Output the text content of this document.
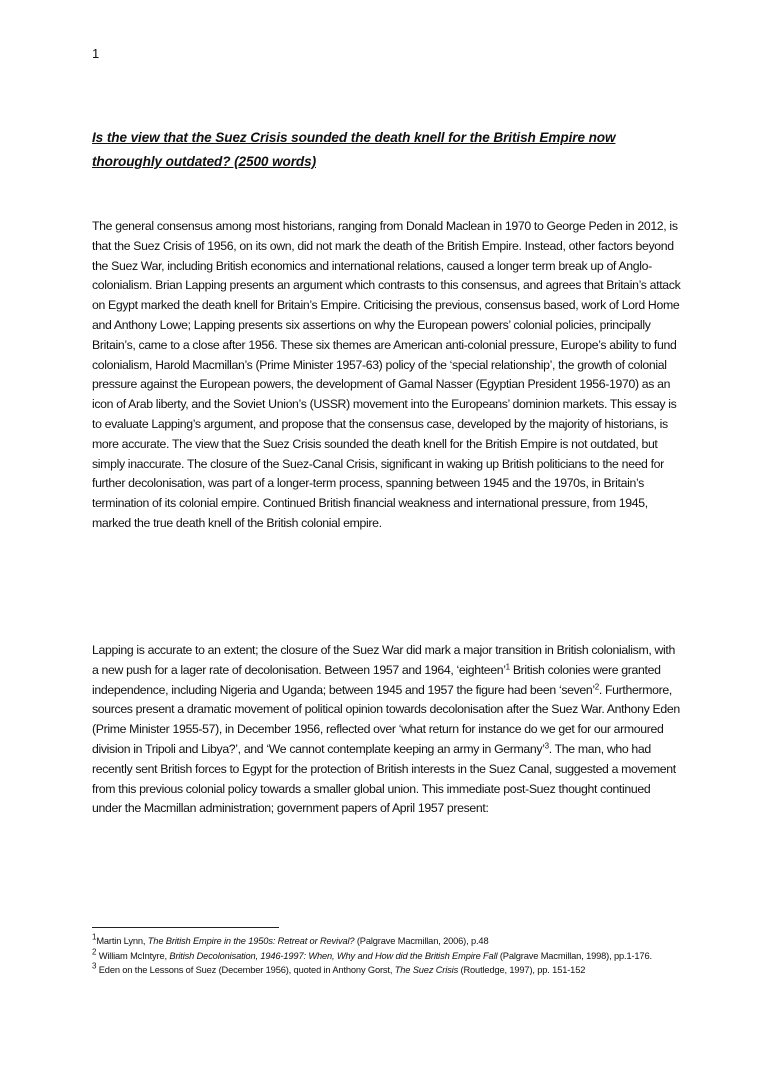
1
Is the view that the Suez Crisis sounded the death knell for the British Empire now thoroughly outdated? (2500 words)

The general consensus among most historians, ranging from Donald Maclean in 1970 to George Peden in 2012, is that the Suez Crisis of 1956, on its own, did not mark the death of the British Empire. Instead, other factors beyond the Suez War, including British economics and international relations, caused a longer term break up of Anglo-colonialism. Brian Lapping presents an argument which contrasts to this consensus, and agrees that Britain’s attack on Egypt marked the death knell for Britain’s Empire. Criticising the previous, consensus based, work of Lord Home and Anthony Lowe; Lapping presents six assertions on why the European powers’ colonial policies, principally Britain’s, came to a close after 1956. These six themes are American anti-colonial pressure, Europe’s ability to fund colonialism, Harold Macmillan’s (Prime Minister 1957-63) policy of the ‘special relationship’, the growth of colonial pressure against the European powers, the development of Gamal Nasser (Egyptian President 1956-1970) as an icon of Arab liberty, and the Soviet Union’s (USSR) movement into the Europeans’ dominion markets. This essay is to evaluate Lapping’s argument, and propose that the consensus case, developed by the majority of historians, is more accurate. The view that the Suez Crisis sounded the death knell for the British Empire is not outdated, but simply inaccurate. The closure of the Suez-Canal Crisis, significant in waking up British politicians to the need for further decolonisation, was part of a longer-term process, spanning between 1945 and the 1970s, in Britain’s termination of its colonial empire. Continued British financial weakness and international pressure, from 1945, marked the true death knell of the British colonial empire.

Lapping is accurate to an extent; the closure of the Suez War did mark a major transition in British colonialism, with a new push for a lager rate of decolonisation. Between 1957 and 1964, ‘eighteen’$^1$ British colonies were granted independence, including Nigeria and Uganda; between 1945 and 1957 the figure had been ‘seven’$^2$. Furthermore, sources present a dramatic movement of political opinion towards decolonisation after the Suez War. Anthony Eden (Prime Minister 1955-57), in December 1956, reflected over ‘what return for instance do we get for our armoured division in Tripoli and Libya?’, and ‘We cannot contemplate keeping an army in Germany’$^3$. The man, who had recently sent British forces to Egypt for the protection of British interests in the Suez Canal, suggested a movement from this previous colonial policy towards a smaller global union. This immediate post-Suez thought continued under the Macmillan administration; government papers of April 1957 present:

$^1$Martin Lynn, The British Empire in the 1950s: Retreat or Revival? (Palgrave Macmillan, 2006), p.48

$^2$ William McIntyre, British Decolonisation, 1946-1997: When, Why and How did the British Empire Fall (Palgrave Macmillan, 1998), pp.1-176.

$^3$ Eden on the Lessons of Suez (December 1956), quoted in Anthony Gorst, The Suez Crisis (Routledge, 1997), pp. 151-152
